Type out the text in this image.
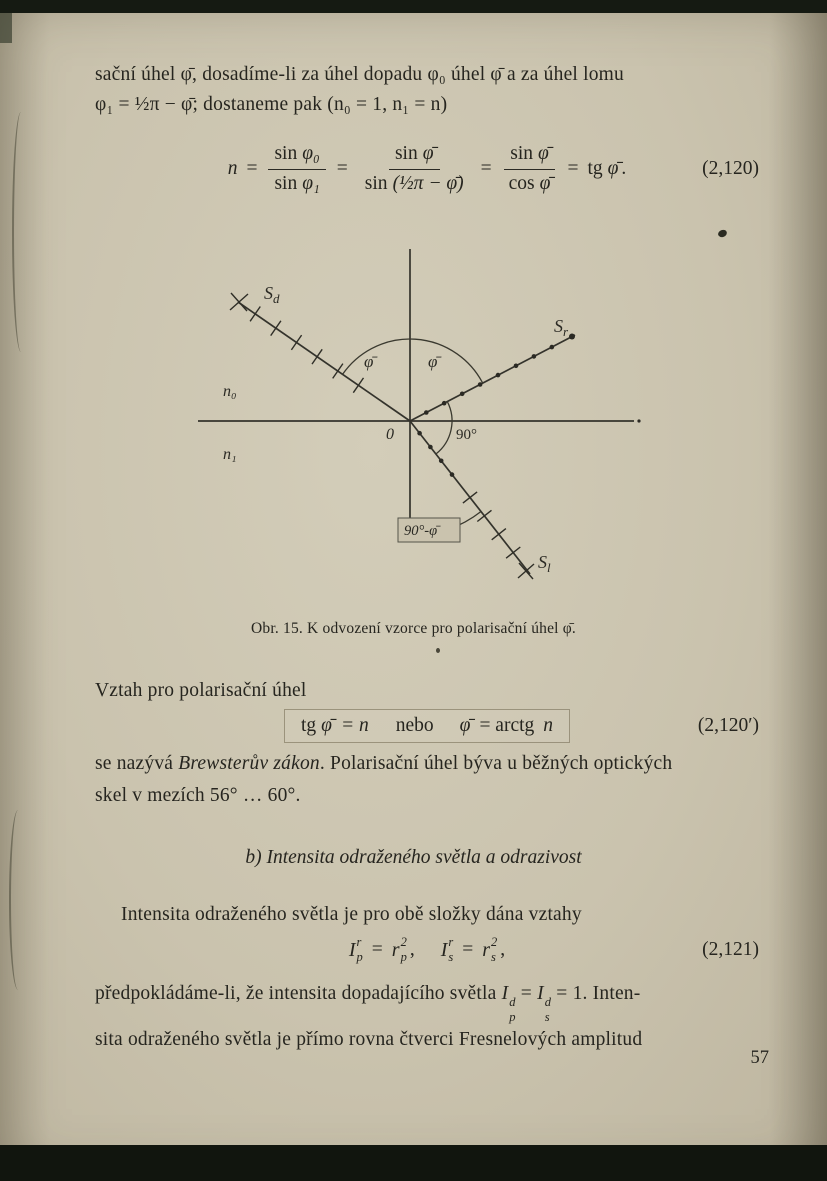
sační úhel φ̄, dosadíme-li za úhel dopadu φ₀ úhel φ̄ a za úhel lomu
φ₁ = ½π − φ̄; dostaneme pak (n₀ = 1, n₁ = n)
$n = \frac{\text{sin φ₀}}{\text{sin φ₁}} = \frac{\text{sin φ̄}}{\text{sin (½π − φ̄)}} = \frac{\text{sin φ̄}}{\text{cos φ̄}}$ = tg φ̄ .	(2,120)
$S_d$
$S_r$
$S_l$
n₀
n₁
0
φ̄	φ̄
90°
90°-φ̄
Obr. 15. K odvození vzorce pro polarisační úhel φ̄.
Vztah pro polarisační úhel
tg φ̄ = n nebo φ̄ = arctg n	(2,120′)
se nazývá Brewsterův zákon. Polarisační úhel býva u běžných optických
skel v mezích 56° … 60°.
b) Intensita odraženého světla a odrazivost
Intensita odraženého světla je pro obě složky dána vztahy
I r
p = r 2
p , I r
s = r 2
s ,	(2,121)
předpokládáme-li, že intensita dopadajícího světla I d
p
= I d
s
= 1. Inten-
sita odraženého světla je přímo rovna čtverci Fresnelových amplitud
57
